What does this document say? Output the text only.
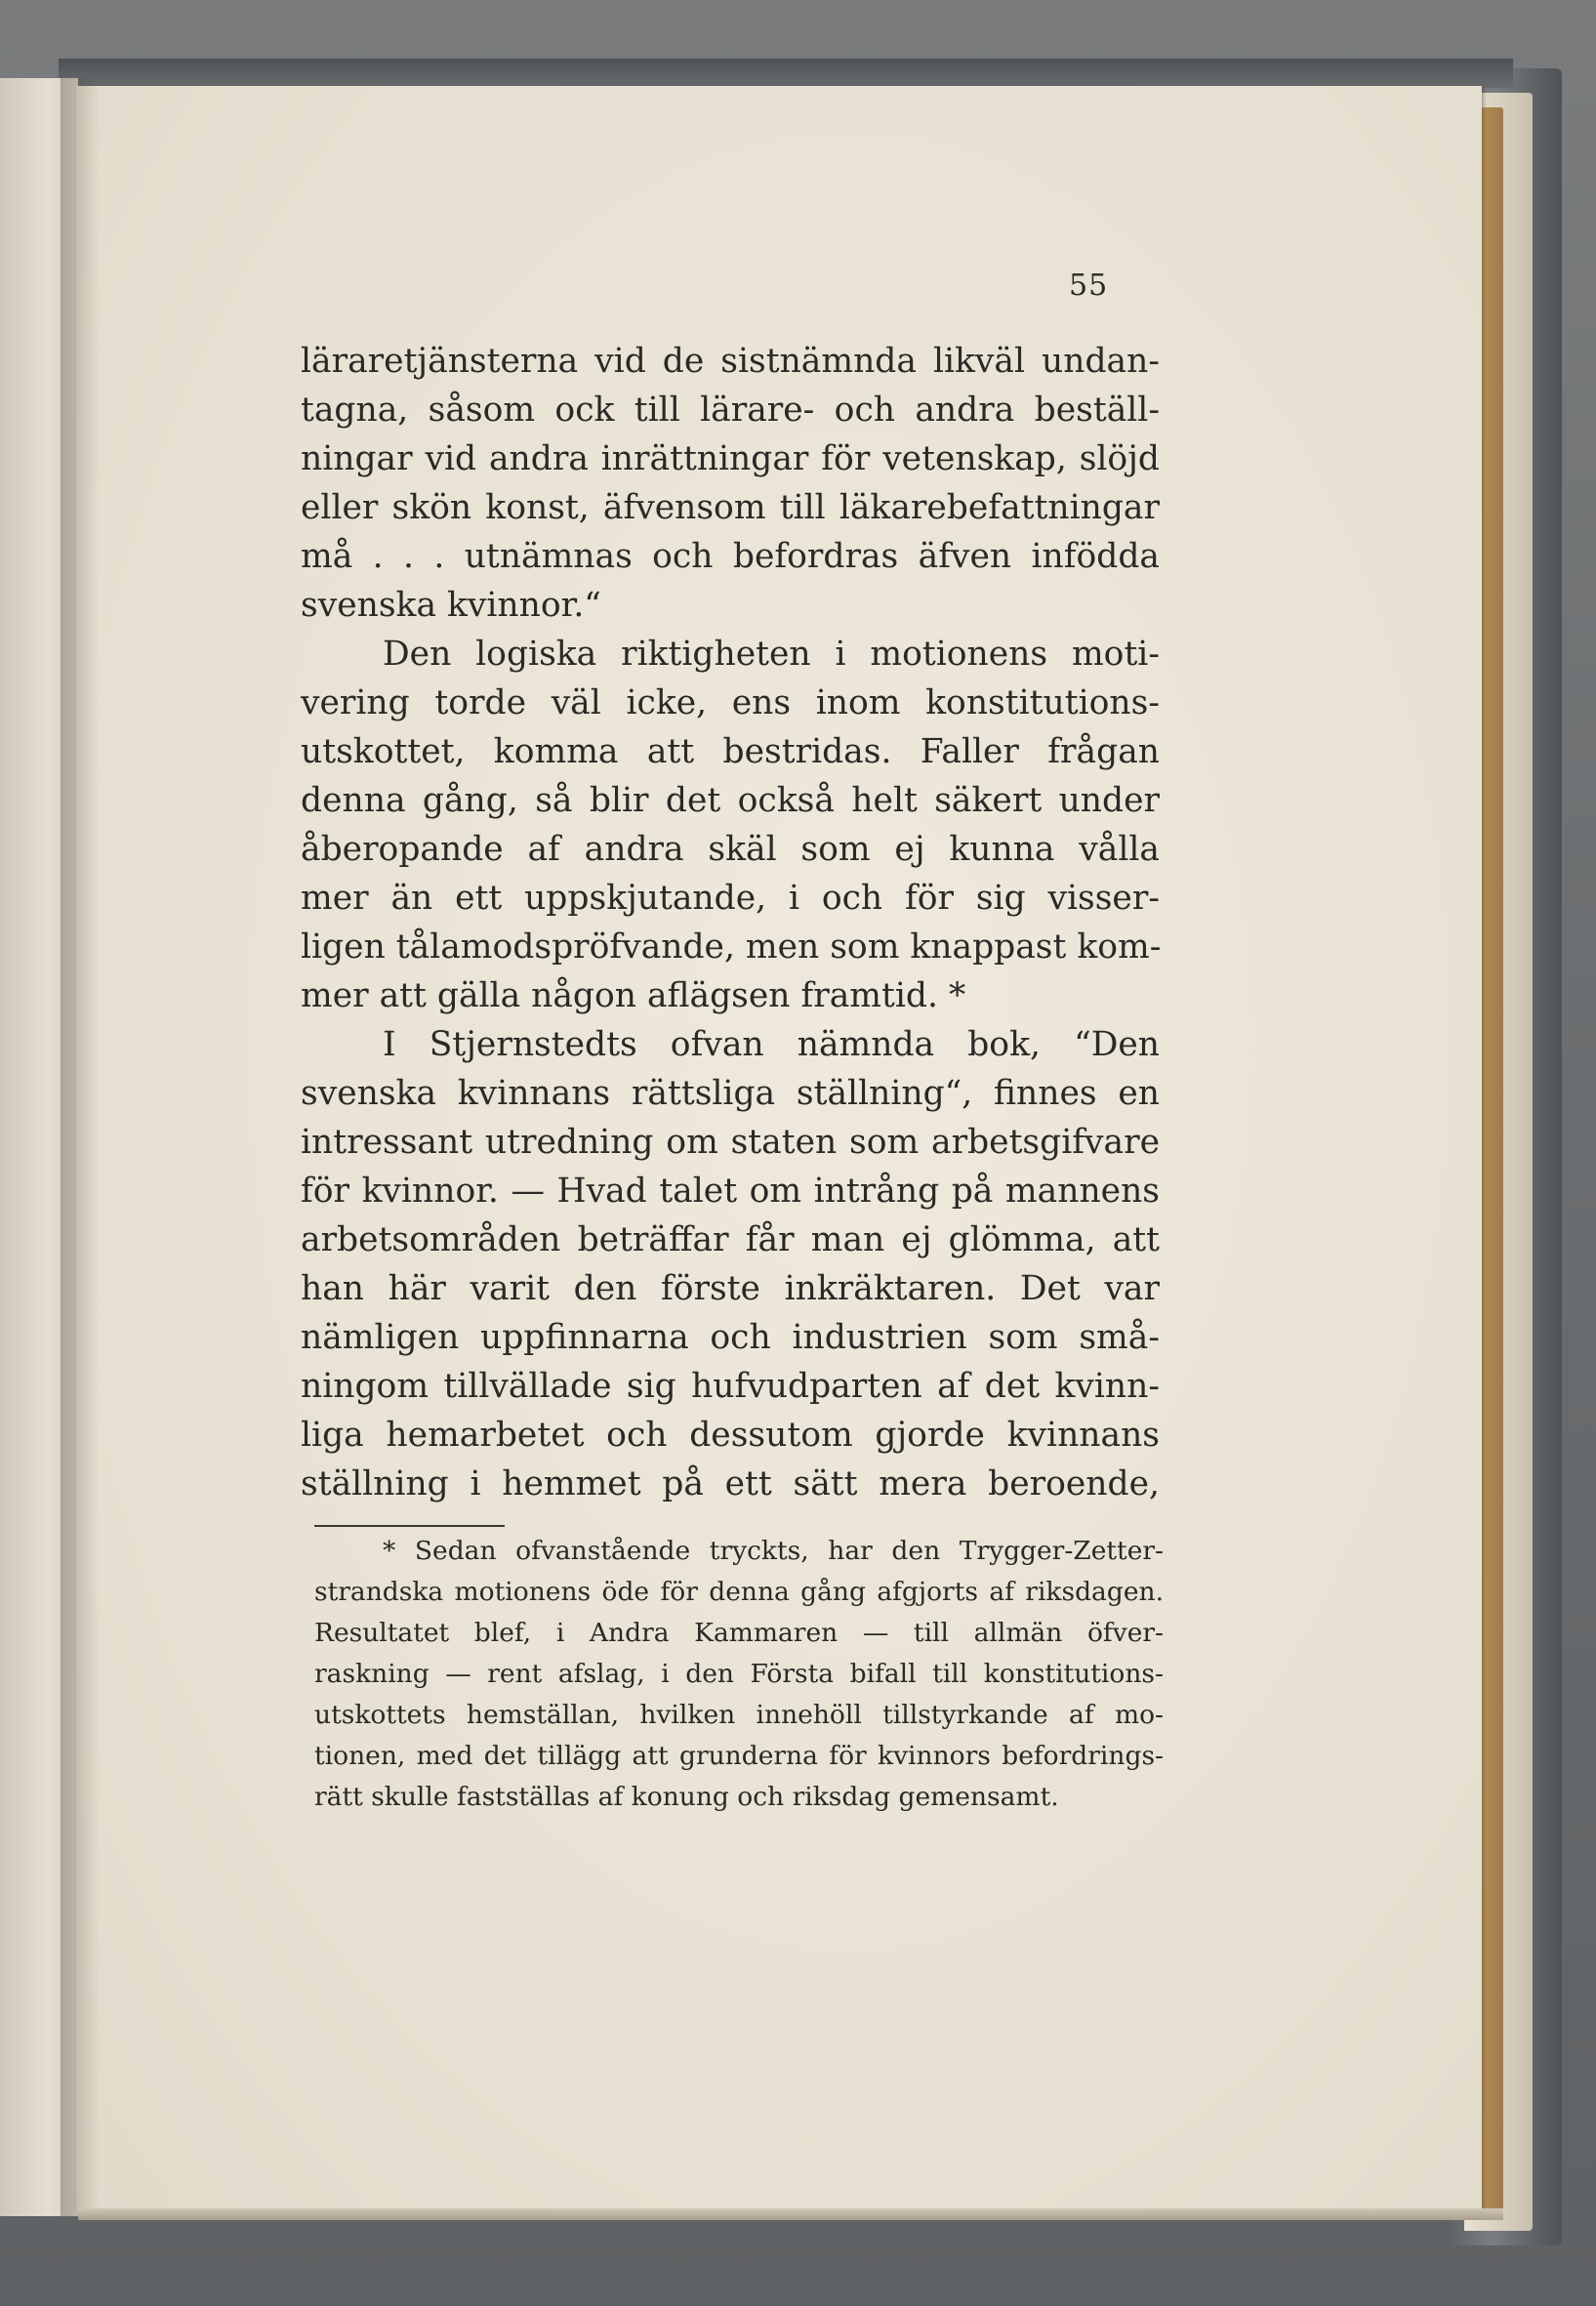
55
läraretjänsterna vid de sistnämnda likväl undan-
tagna, såsom ock till lärare- och andra beställ-
ningar vid andra inrättningar för vetenskap, slöjd
eller skön konst, äfvensom till läkarebefattningar
må . . . utnämnas och befordras äfven infödda
svenska kvinnor.“
Den logiska riktigheten i motionens moti-
vering torde väl icke, ens inom konstitutions-
utskottet, komma att bestridas. Faller frågan
denna gång, så blir det också helt säkert under
åberopande af andra skäl som ej kunna vålla
mer än ett uppskjutande, i och för sig visser-
ligen tålamodspröfvande, men som knappast kom-
mer att gälla någon aflägsen framtid. *
I Stjernstedts ofvan nämnda bok, “Den
svenska kvinnans rättsliga ställning“, finnes en
intressant utredning om staten som arbetsgifvare
för kvinnor. — Hvad talet om intrång på mannens
arbetsområden beträffar får man ej glömma, att
han här varit den förste inkräktaren. Det var
nämligen uppfinnarna och industrien som små-
ningom tillvällade sig hufvudparten af det kvinn-
liga hemarbetet och dessutom gjorde kvinnans
ställning i hemmet på ett sätt mera beroende,
* Sedan ofvanstående tryckts, har den Trygger-Zetter-
strandska motionens öde för denna gång afgjorts af riksdagen.
Resultatet blef, i Andra Kammaren — till allmän öfver-
raskning — rent afslag, i den Första bifall till konstitutions-
utskottets hemställan, hvilken innehöll tillstyrkande af mo-
tionen, med det tillägg att grunderna för kvinnors befordrings-
rätt skulle fastställas af konung och riksdag gemensamt.
